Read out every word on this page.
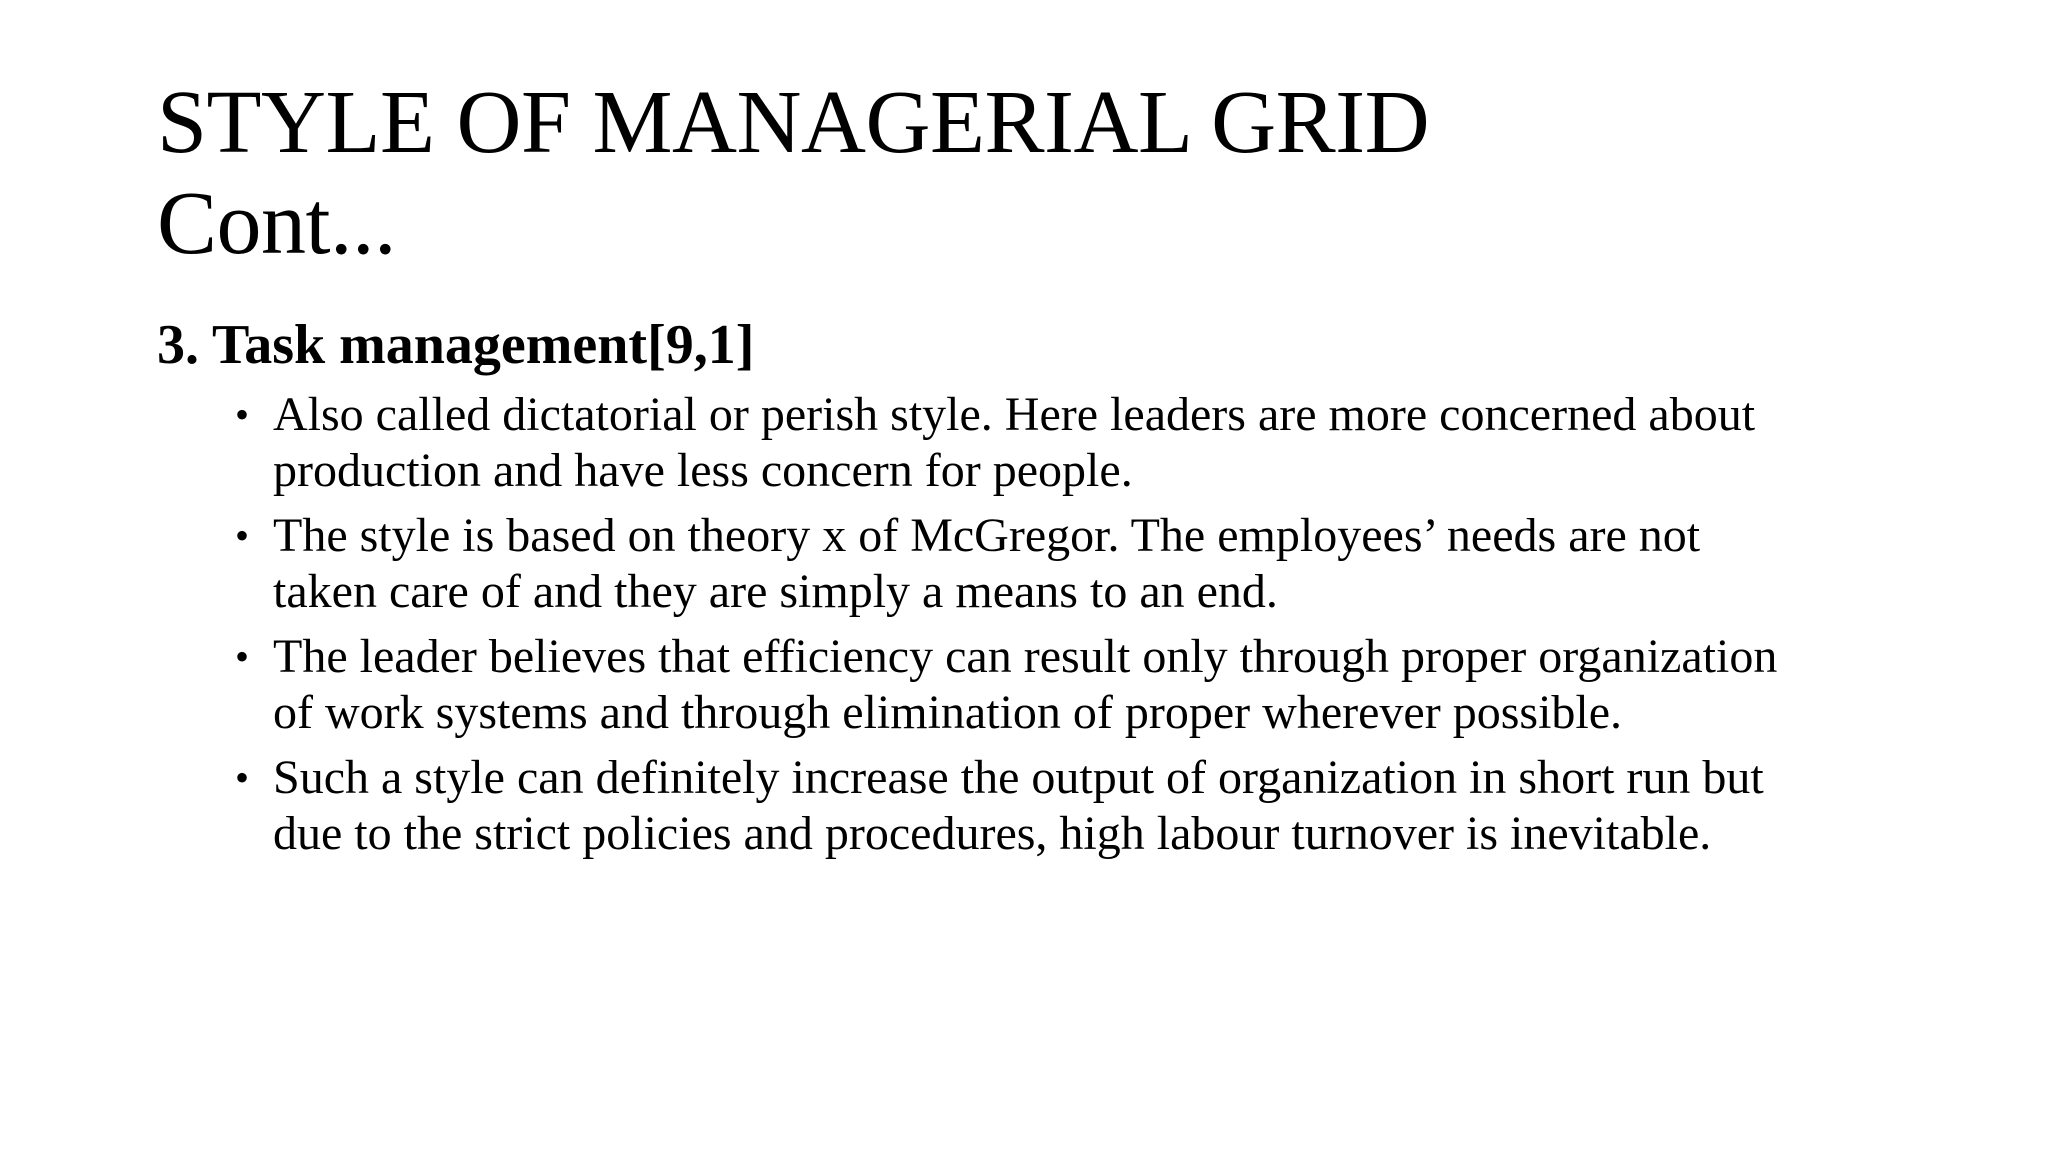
STYLE OF MANAGERIAL GRID
Cont...
3. Task management[9,1]
• Also called dictatorial or perish style. Here leaders are more concerned about
production and have less concern for people.
• The style is based on theory x of McGregor. The employees’ needs are not
taken care of and they are simply a means to an end.
• The leader believes that efficiency can result only through proper organization
of work systems and through elimination of proper wherever possible.
• Such a style can definitely increase the output of organization in short run but
due to the strict policies and procedures, high labour turnover is inevitable.
